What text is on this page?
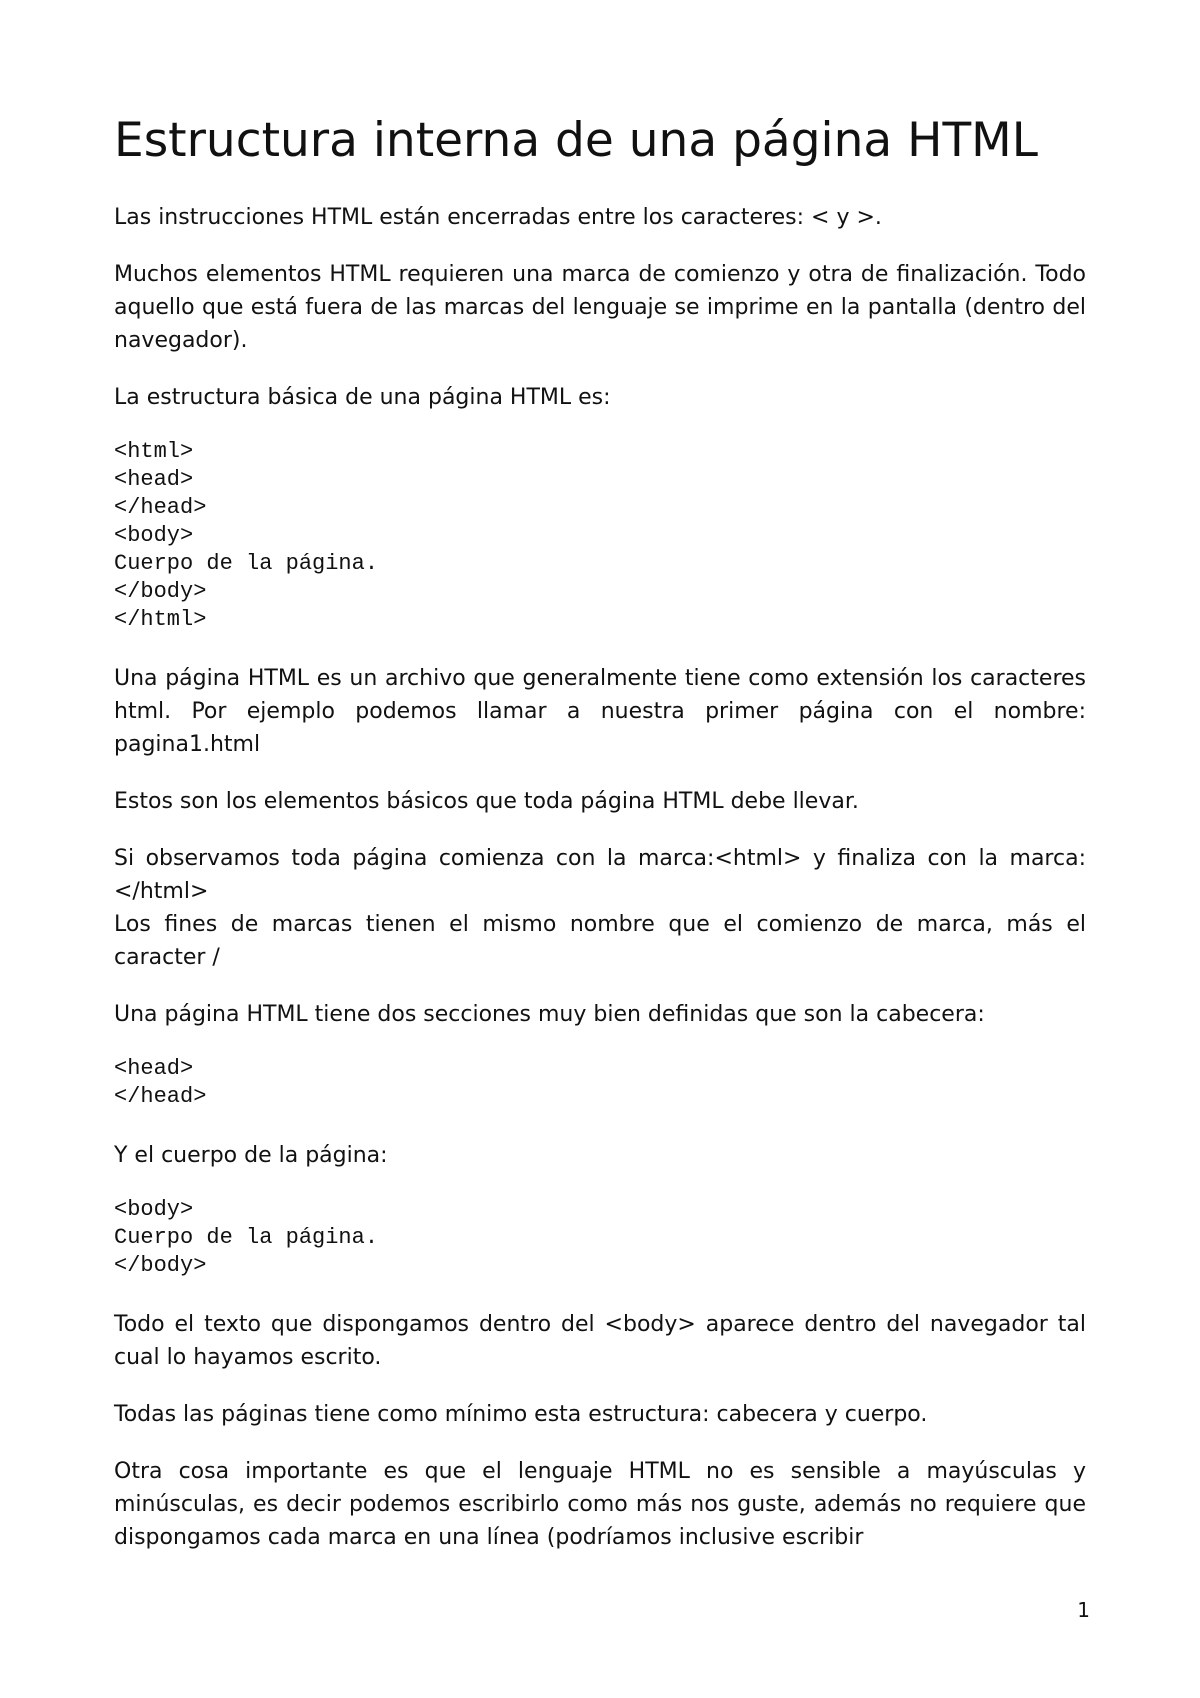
Estructura interna de una página HTML

Las instrucciones HTML están encerradas entre los caracteres: < y >.

Muchos elementos HTML requieren una marca de comienzo y otra de finalización. Todo aquello que está fuera de las marcas del lenguaje se imprime en la pantalla (dentro del navegador).

La estructura básica de una página HTML es:

<html>
<head>
</head>
<body>
Cuerpo de la página.
</body>
</html>

Una página HTML es un archivo que generalmente tiene como extensión los caracteres html. Por ejemplo podemos llamar a nuestra primer página con el nombre: pagina1.html

Estos son los elementos básicos que toda página HTML debe llevar.

Si observamos toda página comienza con la marca:<html> y finaliza con la marca:</html>
Los fines de marcas tienen el mismo nombre que el comienzo de marca, más el caracter /

Una página HTML tiene dos secciones muy bien definidas que son la cabecera:

<head>
</head>

Y el cuerpo de la página:

<body>
Cuerpo de la página.
</body>

Todo el texto que dispongamos dentro del <body> aparece dentro del navegador tal cual lo hayamos escrito.

Todas las páginas tiene como mínimo esta estructura: cabecera y cuerpo.

Otra cosa importante es que el lenguaje HTML no es sensible a mayúsculas y minúsculas, es decir podemos escribirlo como más nos guste, además no requiere que dispongamos cada marca en una línea (podríamos inclusive escribir

1
